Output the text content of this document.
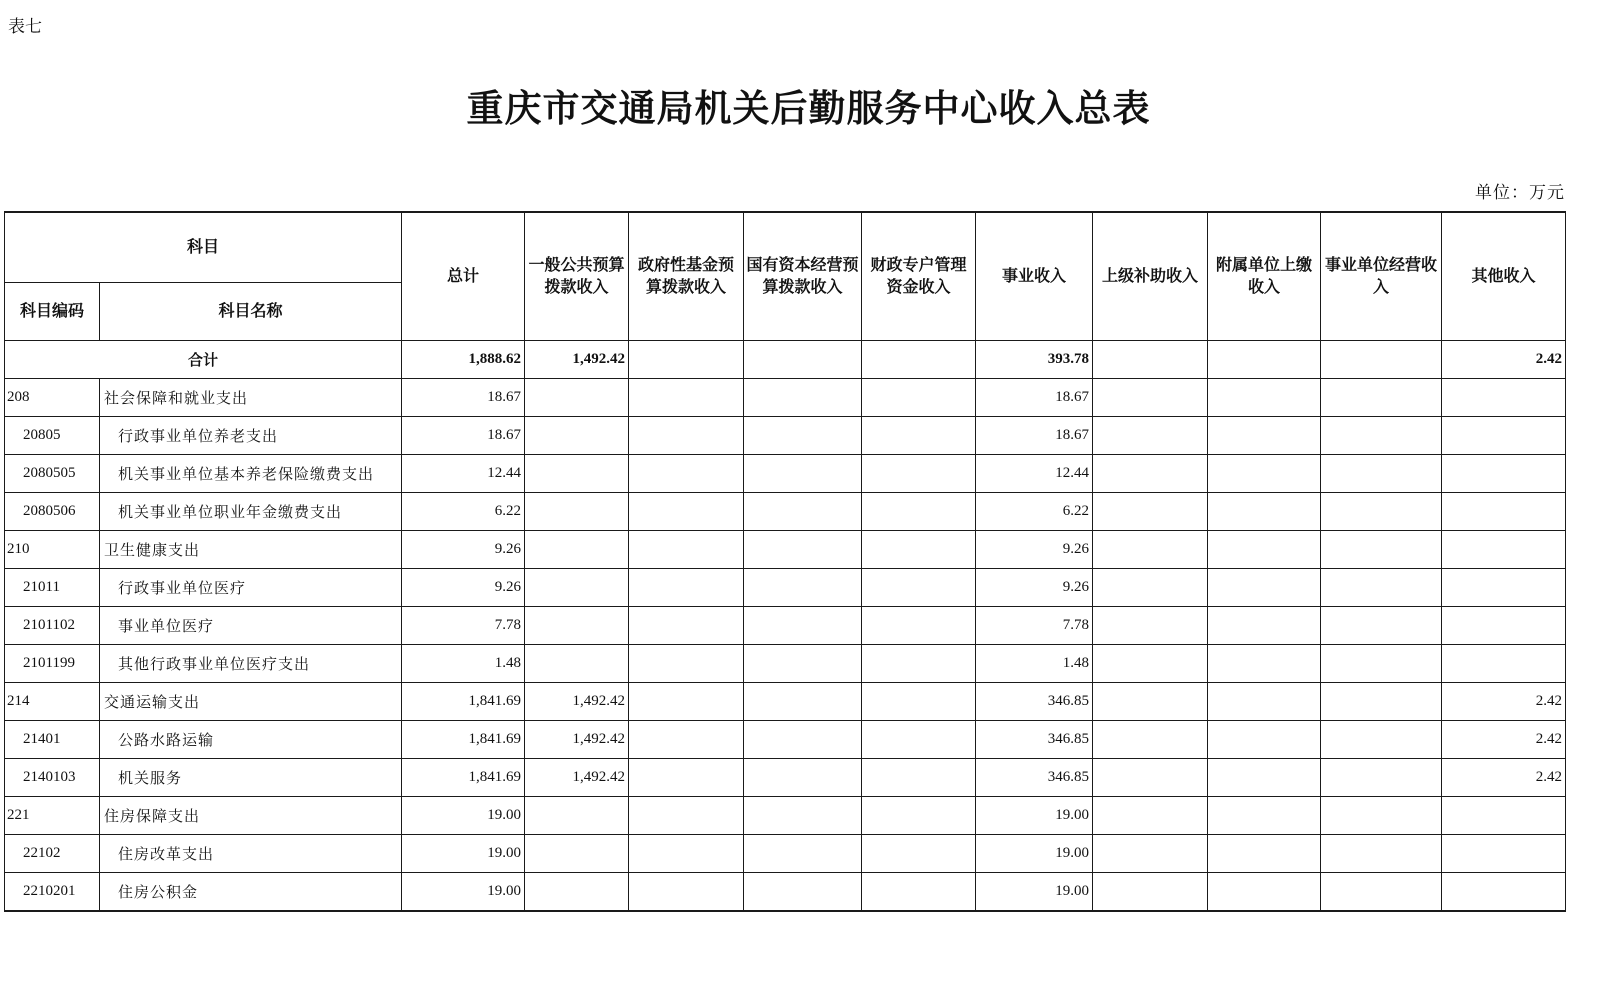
表七
重庆市交通局机关后勤服务中心收入总表
单位：万元
科目		总计	一般公共预算拨款收入	政府性基金预算拨款收入	国有资本经营预算拨款收入	财政专户管理资金收入	事业收入	上级补助收入	附属单位上缴收入	事业单位经营收入	其他收入
科目编码	科目名称										
合计		1,888.62	1,492.42				393.78				2.42
208	社会保障和就业支出	18.67					18.67				
20805	行政事业单位养老支出	18.67					18.67				
2080505	机关事业单位基本养老保险缴费支出	12.44					12.44				
2080506	机关事业单位职业年金缴费支出	6.22					6.22				
210	卫生健康支出	9.26					9.26				
21011	行政事业单位医疗	9.26					9.26				
2101102	事业单位医疗	7.78					7.78				
2101199	其他行政事业单位医疗支出	1.48					1.48				
214	交通运输支出	1,841.69	1,492.42				346.85				2.42
21401	公路水路运输	1,841.69	1,492.42				346.85				2.42
2140103	机关服务	1,841.69	1,492.42				346.85				2.42
221	住房保障支出	19.00					19.00				
22102	住房改革支出	19.00					19.00				
2210201	住房公积金	19.00					19.00				
